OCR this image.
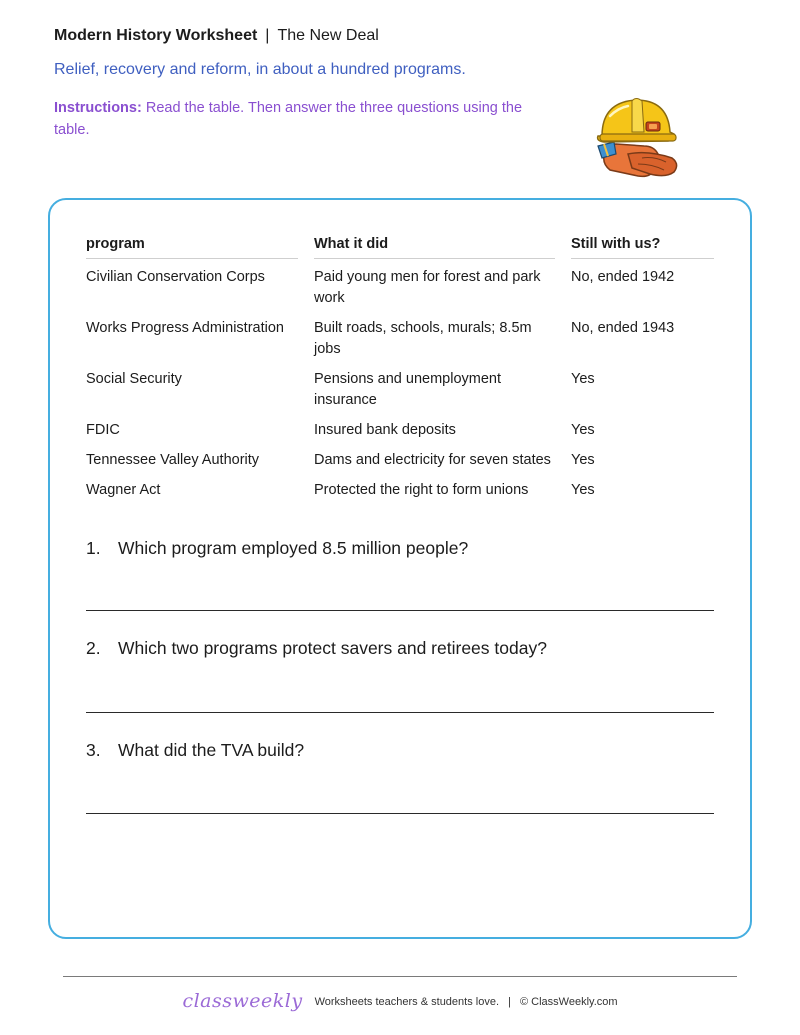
Modern History Worksheet | The New Deal
Relief, recovery and reform, in about a hundred programs.
Instructions: Read the table. Then answer the three questions using the table.
program	What it did	Still with us?

Civilian Conservation Corps	Paid young men for forest and park work	No, ended 1942
Works Progress Administration	Built roads, schools, murals; 8.5m jobs	No, ended 1943
Social Security	Pensions and unemployment insurance	Yes
FDIC	Insured bank deposits	Yes
Tennessee Valley Authority	Dams and electricity for seven states	Yes
Wagner Act	Protected the right to form unions	Yes
1. Which program employed 8.5 million people?
2. Which two programs protect savers and retirees today?
3. What did the TVA build?
classweekly Worksheets teachers & students love. | © ClassWeekly.com
